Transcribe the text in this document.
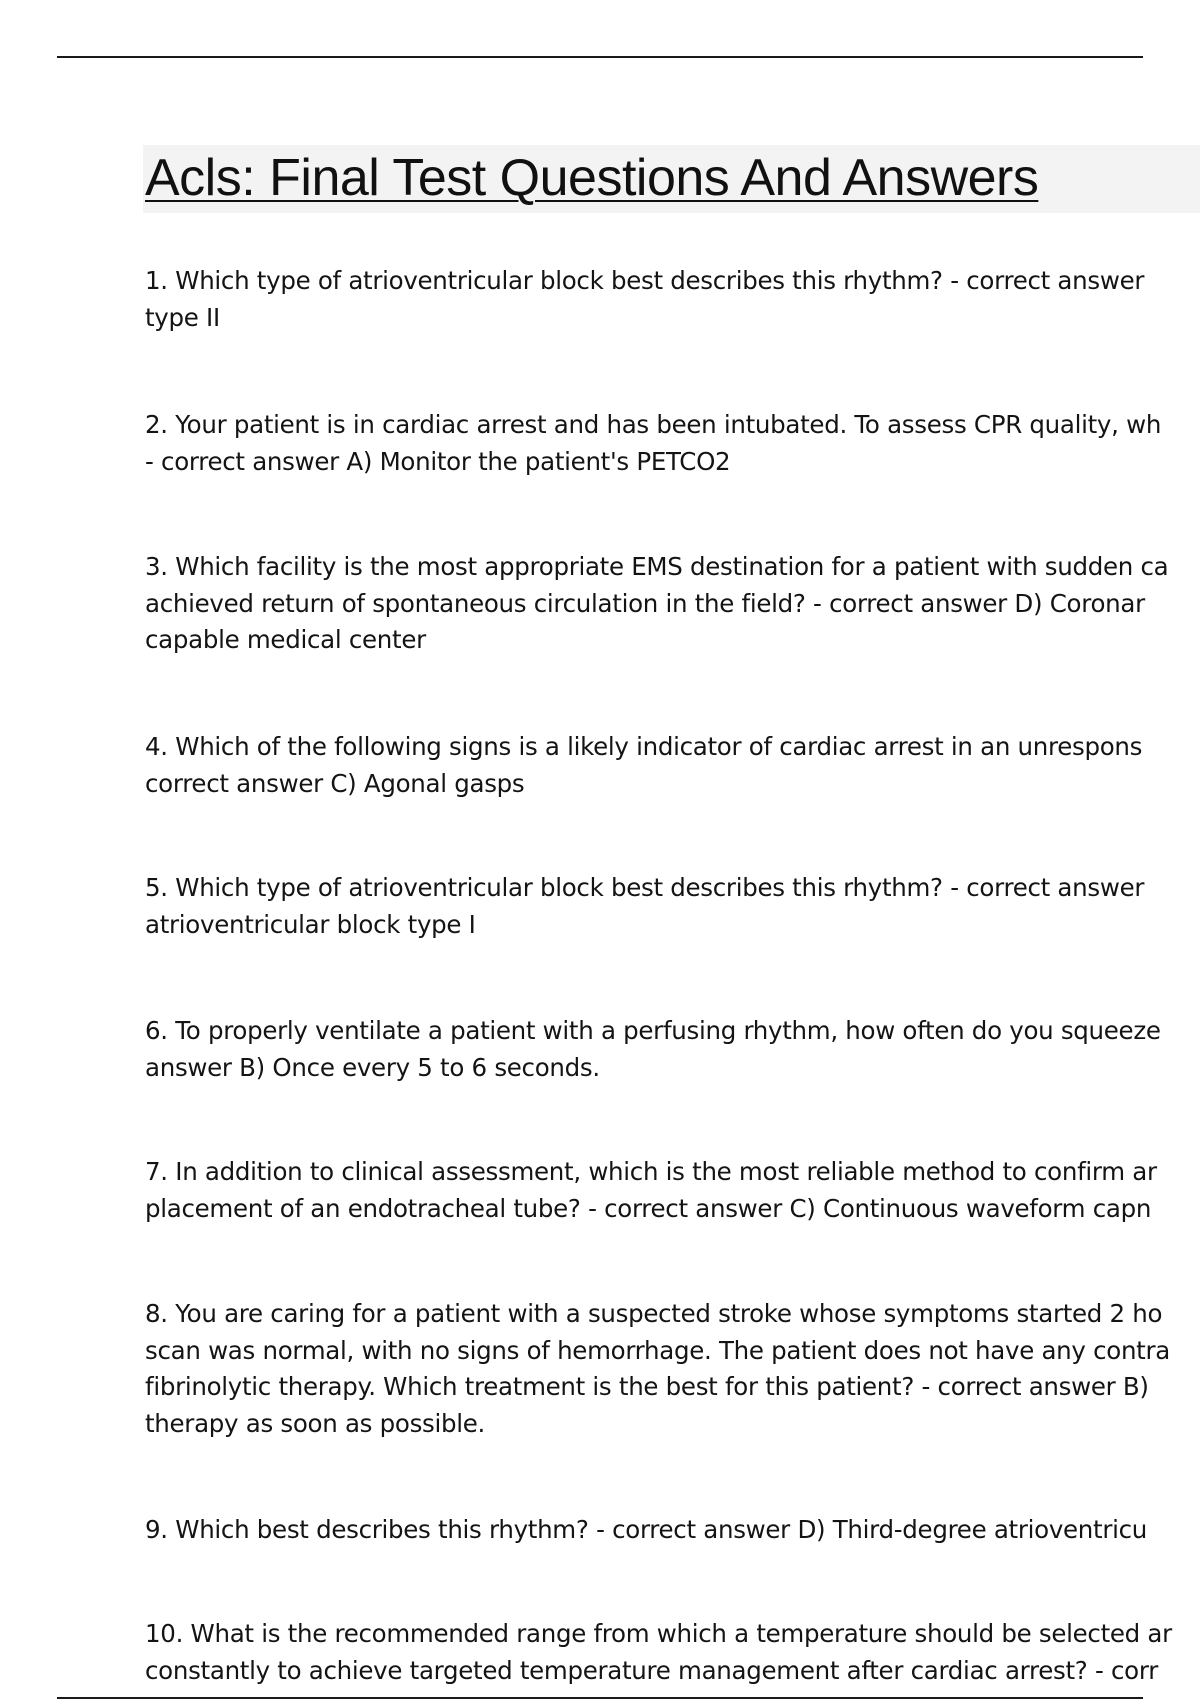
Acls: Final Test Questions And Answers

1. Which type of atrioventricular block best describes this rhythm? - correct answer
type II

2. Your patient is in cardiac arrest and has been intubated. To assess CPR quality, wh
- correct answer A) Monitor the patient's PETCO2

3. Which facility is the most appropriate EMS destination for a patient with sudden ca
achieved return of spontaneous circulation in the field? - correct answer D) Coronar
capable medical center

4. Which of the following signs is a likely indicator of cardiac arrest in an unrespons
correct answer C) Agonal gasps

5. Which type of atrioventricular block best describes this rhythm? - correct answer
atrioventricular block type I

6. To properly ventilate a patient with a perfusing rhythm, how often do you squeeze
answer B) Once every 5 to 6 seconds.

7. In addition to clinical assessment, which is the most reliable method to confirm ar
placement of an endotracheal tube? - correct answer C) Continuous waveform capn

8. You are caring for a patient with a suspected stroke whose symptoms started 2 ho
scan was normal, with no signs of hemorrhage. The patient does not have any contra
fibrinolytic therapy. Which treatment is the best for this patient? - correct answer B)
therapy as soon as possible.

9. Which best describes this rhythm? - correct answer D) Third-degree atrioventricu

10. What is the recommended range from which a temperature should be selected ar
constantly to achieve targeted temperature management after cardiac arrest? - corr
